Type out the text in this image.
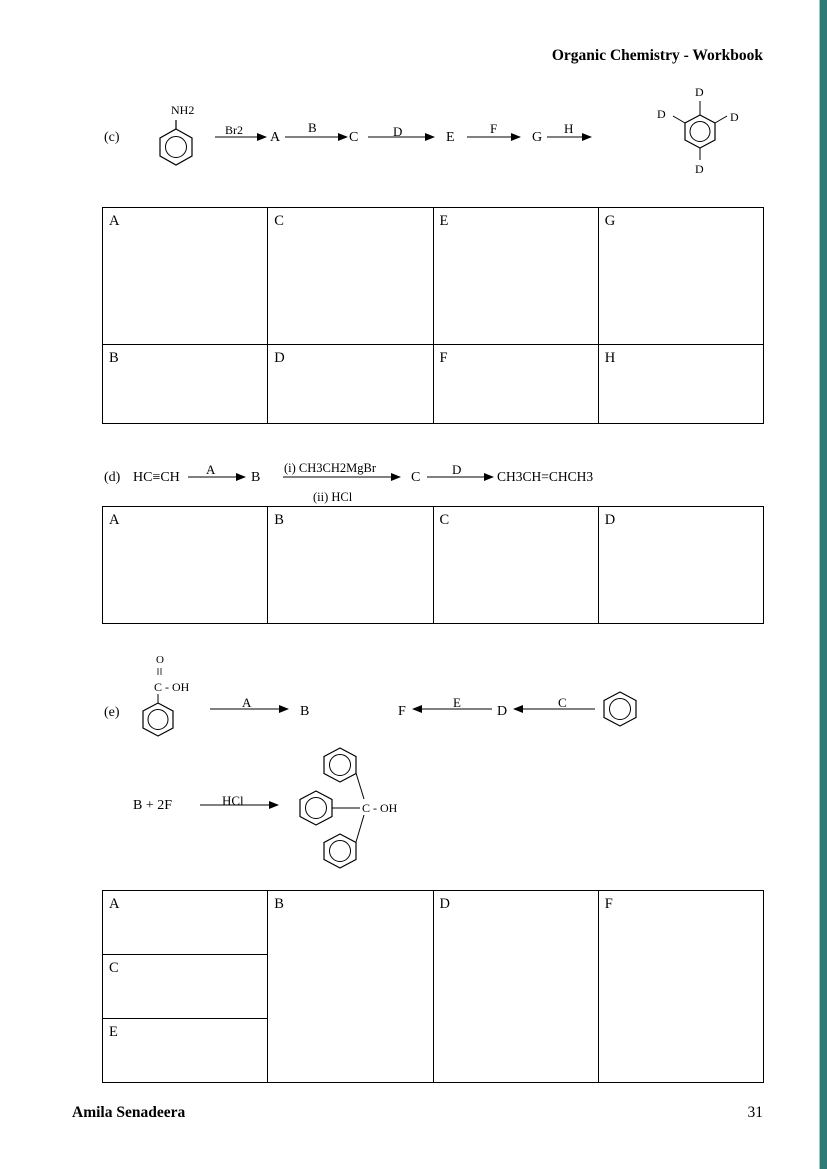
Organic Chemistry - Workbook
(c)
NH2
Br2 A
B
C	D	E
F
G
H
D
D
D
D
A	C	E	G
B	D	F	H
(d) HC≡CH
A
B
(i) CH3CH2MgBr
(ii) HCl
C
D	CH3CH=CHCH3
A	B	C	D
(e)
O
C - OH
A
B	F
E
D
C
B + 2F	HCl	C - OH
A	B	D	F
C
E
Amila Senadeera	31
